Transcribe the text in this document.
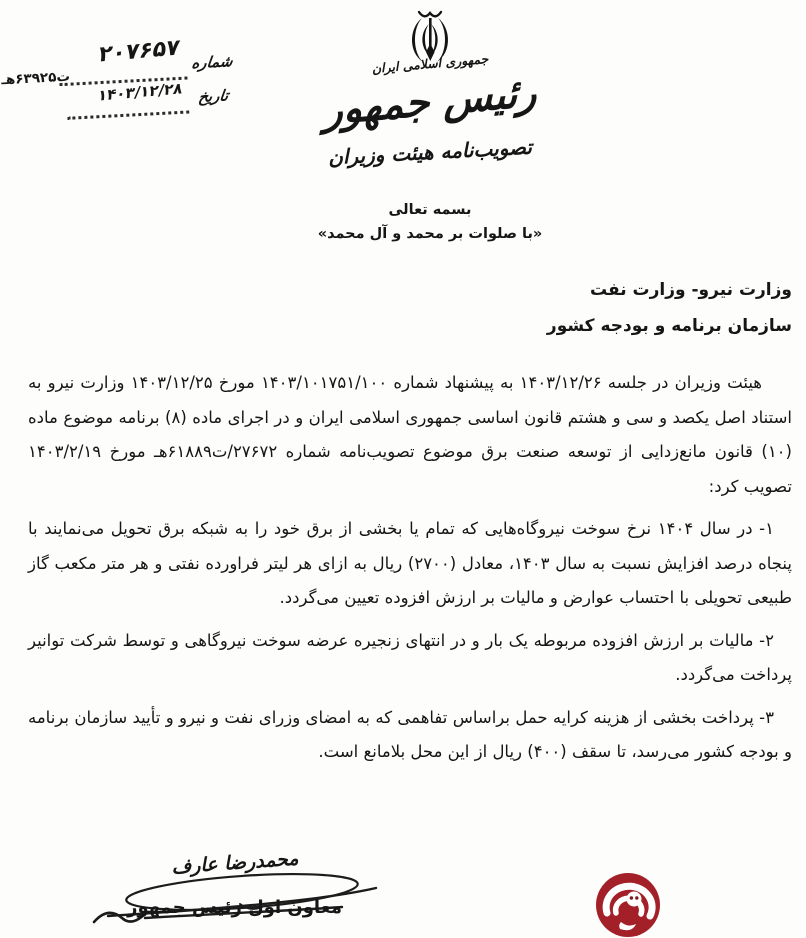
شماره
۲۰۷۶۵۷
ت۶۳۹۲۵هـ
تاریخ
۱۴۰۳/۱۲/۲۸
جمهوری اسلامی ایران
رئیس جمهور
تصویب‌نامه هیئت وزیران
بسمه تعالی
«با صلوات بر محمد و آل محمد»
وزارت نیرو- وزارت نفت
سازمان برنامه و بودجه کشور

هیئت وزیران در جلسه ۱۴۰۳/۱۲/۲۶ به پیشنهاد شماره ۱۴۰۳/۱۰۱۷۵۱/۱۰۰ مورخ ۱۴۰۳/۱۲/۲۵ وزارت نیرو به استناد اصل یکصد و سی و هشتم قانون اساسی جمهوری اسلامی ایران و در اجرای ماده (۸) برنامه موضوع ماده (۱۰) قانون مانع‌زدایی از توسعه صنعت برق موضوع تصویب‌نامه شماره ۲۷۶۷۲/ت۶۱۸۸۹هـ مورخ ۱۴۰۳/۲/۱۹ تصویب کرد:

۱- در سال ۱۴۰۴ نرخ سوخت نیروگاه‌هایی که تمام یا بخشی از برق خود را به شبکه برق تحویل می‌نمایند با پنجاه درصد افزایش نسبت به سال ۱۴۰۳، معادل (۲۷۰۰) ریال به ازای هر لیتر فراورده نفتی و هر متر مکعب گاز طبیعی تحویلی با احتساب عوارض و مالیات بر ارزش افزوده تعیین می‌گردد.

۲- مالیات بر ارزش افزوده مربوطه یک بار و در انتهای زنجیره عرضه سوخت نیروگاهی و توسط شرکت توانیر پرداخت می‌گردد.

۳- پرداخت بخشی از هزینه کرایه حمل براساس تفاهمی که به امضای وزرای نفت و نیرو و تأیید سازمان برنامه و بودجه کشور می‌رسد، تا سقف (۴۰۰) ریال از این محل بلامانع است.

محمدرضا عارف
معاون اول رئیس جمهور
